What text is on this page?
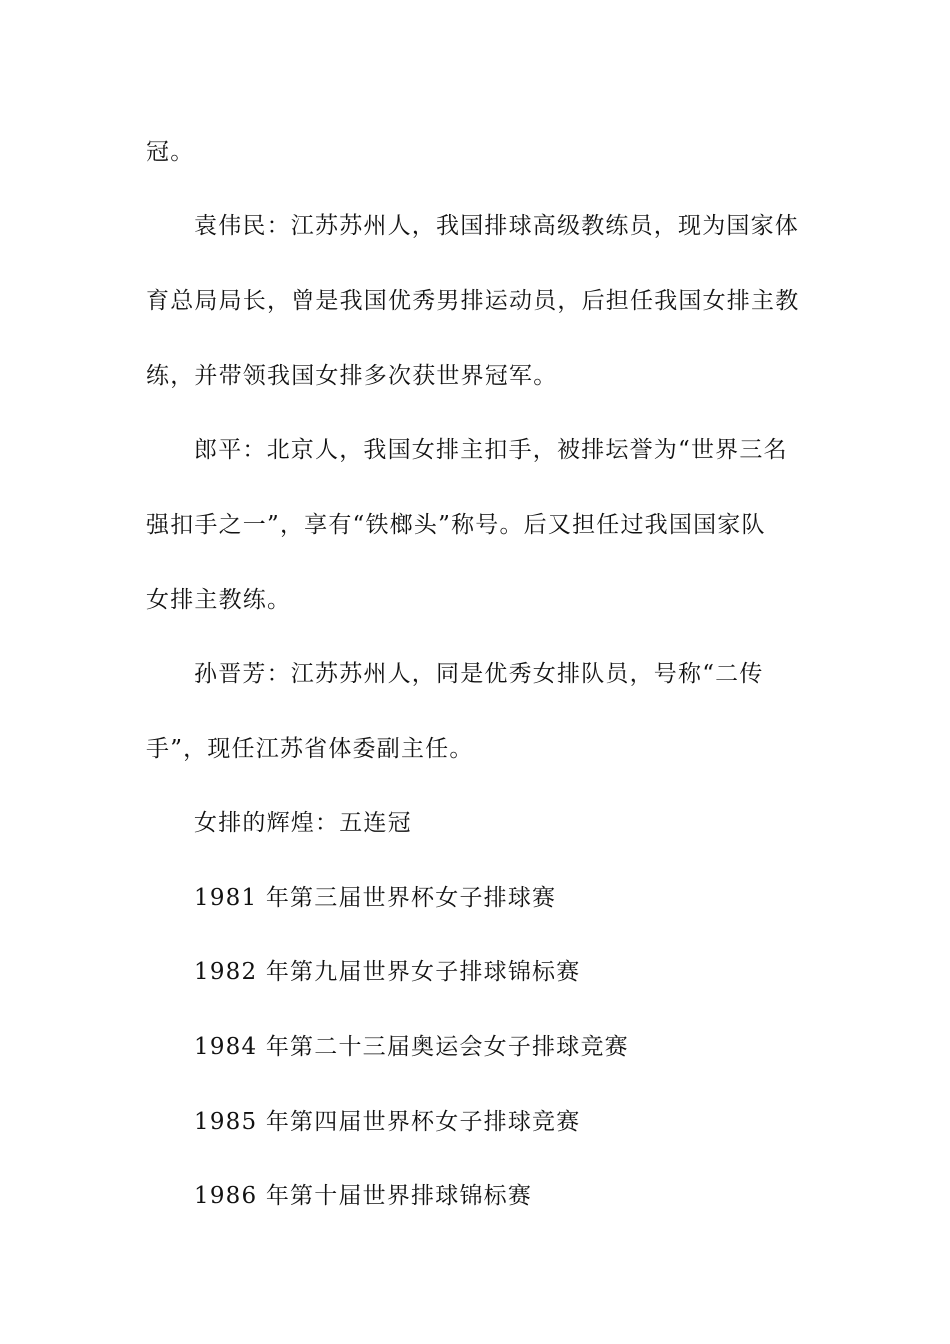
冠。
袁伟民：江苏苏州人，我国排球高级教练员，现为国家体
育总局局长，曾是我国优秀男排运动员，后担任我国女排主教
练，并带领我国女排多次获世界冠军。
郎平：北京人，我国女排主扣手，被排坛誉为“世界三名
强扣手之一”，享有“铁榔头”称号。后又担任过我国国家队
女排主教练。
孙晋芳：江苏苏州人，同是优秀女排队员，号称“二传
手”，现任江苏省体委副主任。
女排的辉煌：五连冠
1981 年第三届世界杯女子排球赛
1982 年第九届世界女子排球锦标赛
1984 年第二十三届奥运会女子排球竞赛
1985 年第四届世界杯女子排球竞赛
1986 年第十届世界排球锦标赛
